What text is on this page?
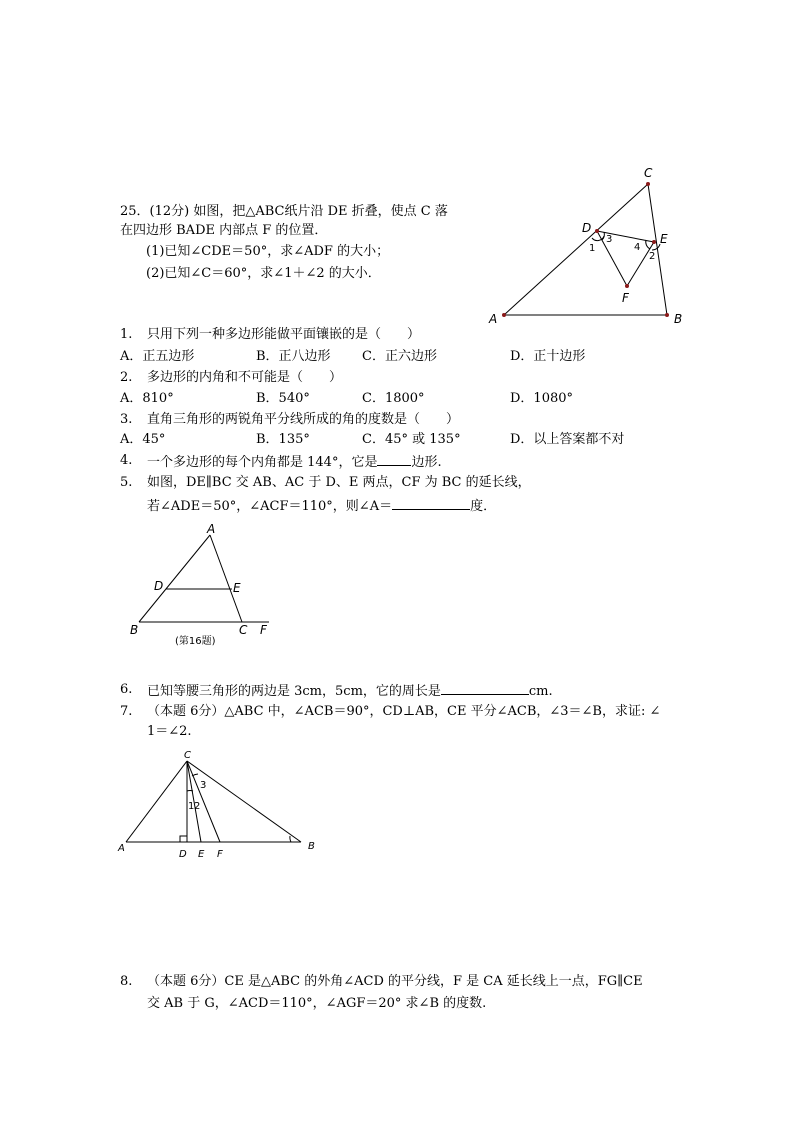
25．(12分) 如图，把△ABC纸片沿 DE 折叠，使点 C 落
在四边形 BADE 内部点 F 的位置．
(1)已知∠CDE＝50°，求∠ADF 的大小；
(2)已知∠C＝60°，求∠1＋∠2 的大小．
C
D
E
F
A	B
1
3
4
2
1. 只用下列一种多边形能做平面镶嵌的是（　　）
A．正五边形	B．正八边形 C．正六边形	D．正十边形
2. 多边形的内角和不可能是（　　）
A．810°	B．540°	C．1800°	D．1080°
3. 直角三角形的两锐角平分线所成的角的度数是（　　）
A．45°	B．135°	C．45° 或 135°	D．以上答案都不对
4. 一个多边形的每个内角都是 144°，它是	边形.
5. 如图，DE∥BC 交 AB、AC 于 D、E 两点，CF 为 BC 的延长线，
若∠ADE＝50°，∠ACF＝110°，则∠A＝	度．
A
D	E
B	C F
(第16题)
6. 已知等腰三角形的两边是 3cm，5cm，它的周长是	cm.
7. （本题 6分）△ABC 中，∠ACB＝90°，CD⊥AB，CE 平分∠ACB，∠3＝∠B，求证: ∠
1＝∠2.
C
A	B
D E F
1 2
3
8. （本题 6分）CE 是△ABC 的外角∠ACD 的平分线，F 是 CA 延长线上一点，FG∥CE
交 AB 于 G，∠ACD＝110°，∠AGF＝20° 求∠B 的度数.
